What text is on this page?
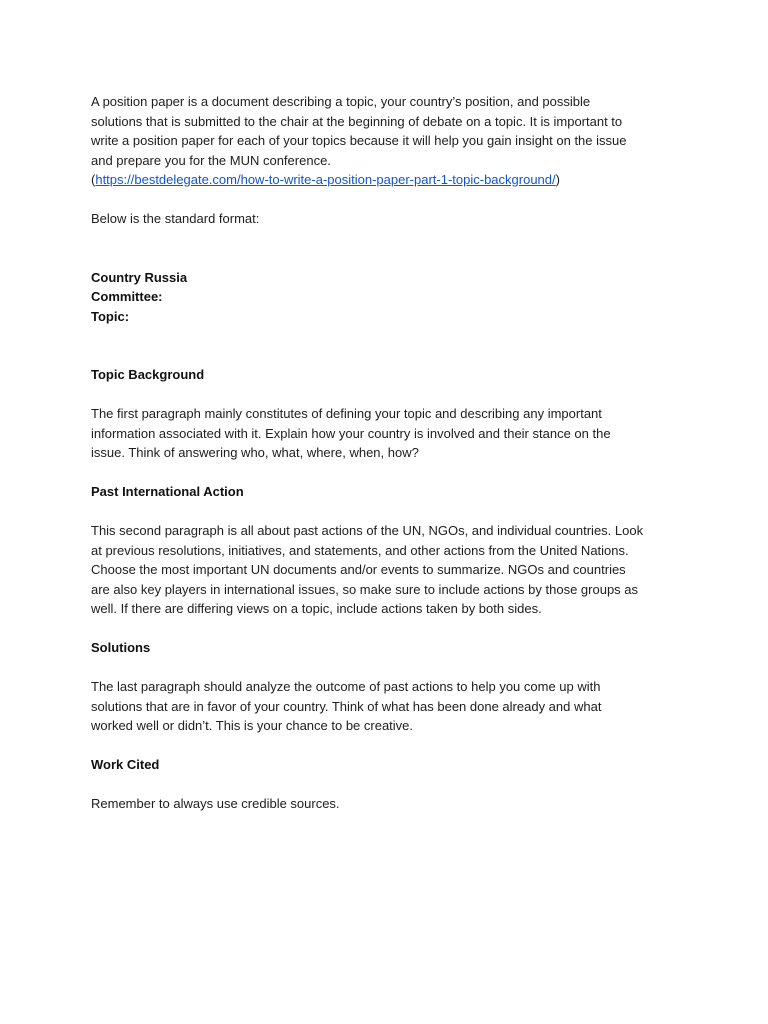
A position paper is a document describing a topic, your country’s position, and possible
solutions that is submitted to the chair at the beginning of debate on a topic. It is important to
write a position paper for each of your topics because it will help you gain insight on the issue
and prepare you for the MUN conference.
(https://bestdelegate.com/how-to-write-a-position-paper-part-1-topic-background/)

Below is the standard format:

Country Russia
Committee:
Topic:

Topic Background

The first paragraph mainly constitutes of defining your topic and describing any important
information associated with it. Explain how your country is involved and their stance on the
issue. Think of answering who, what, where, when, how?

Past International Action

This second paragraph is all about past actions of the UN, NGOs, and individual countries. Look
at previous resolutions, initiatives, and statements, and other actions from the United Nations.
Choose the most important UN documents and/or events to summarize. NGOs and countries
are also key players in international issues, so make sure to include actions by those groups as
well. If there are differing views on a topic, include actions taken by both sides.

Solutions

The last paragraph should analyze the outcome of past actions to help you come up with
solutions that are in favor of your country. Think of what has been done already and what
worked well or didn’t. This is your chance to be creative.

Work Cited

Remember to always use credible sources.
